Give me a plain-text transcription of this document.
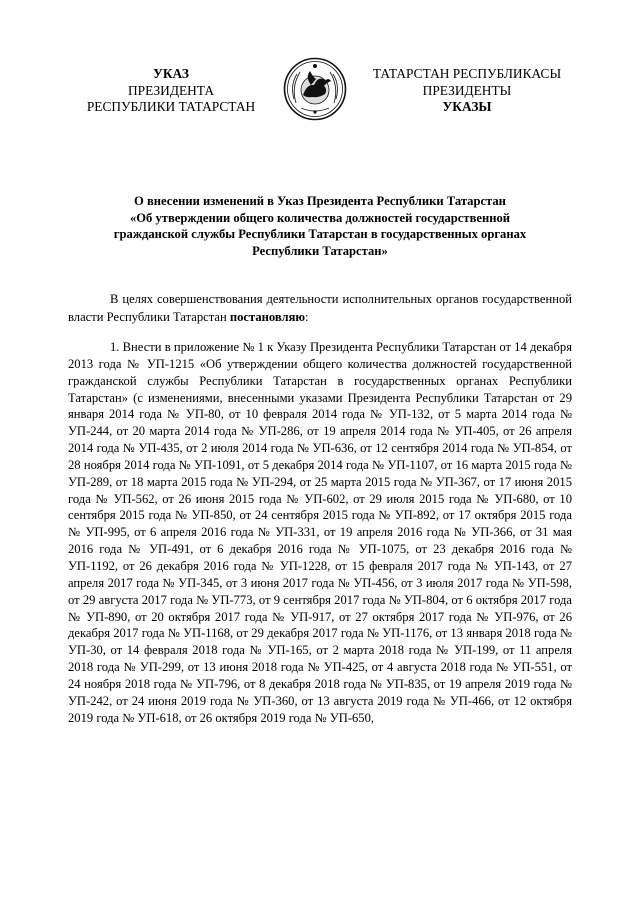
УКАЗ
ПРЕЗИДЕНТА
РЕСПУБЛИКИ ТАТАРСТАН
ТАТАРСТАН РЕСПУБЛИКАСЫ
ПРЕЗИДЕНТЫ
УКАЗЫ
О внесении изменений в Указ Президента Республики Татарстан
«Об утверждении общего количества должностей государственной
гражданской службы Республики Татарстан в государственных органах
Республики Татарстан»
В целях совершенствования деятельности исполнительных органов государственной власти Республики Татарстан постановляю:
1. Внести в приложение № 1 к Указу Президента Республики Татарстан от 14 декабря 2013 года № УП-1215 «Об утверждении общего количества должностей государственной гражданской службы Республики Татарстан в государственных органах Республики Татарстан» (с изменениями, внесенными указами Президента Республики Татарстан от 29 января 2014 года № УП-80, от 10 февраля 2014 года № УП-132, от 5 марта 2014 года № УП-244, от 20 марта 2014 года № УП-286, от 19 апреля 2014 года № УП-405, от 26 апреля 2014 года № УП-435, от 2 июля 2014 года № УП-636, от 12 сентября 2014 года № УП-854, от 28 ноября 2014 года № УП-1091, от 5 декабря 2014 года № УП-1107, от 16 марта 2015 года № УП-289, от 18 марта 2015 года № УП-294, от 25 марта 2015 года № УП-367, от 17 июня 2015 года № УП-562, от 26 июня 2015 года № УП-602, от 29 июля 2015 года № УП-680, от 10 сентября 2015 года № УП-850, от 24 сентября 2015 года № УП-892, от 17 октября 2015 года № УП-995, от 6 апреля 2016 года № УП-331, от 19 апреля 2016 года № УП-366, от 31 мая 2016 года № УП-491, от 6 декабря 2016 года № УП-1075, от 23 декабря 2016 года № УП-1192, от 26 декабря 2016 года № УП-1228, от 15 февраля 2017 года № УП-143, от 27 апреля 2017 года № УП-345, от 3 июня 2017 года № УП-456, от 3 июля 2017 года № УП-598, от 29 августа 2017 года № УП-773, от 9 сентября 2017 года № УП-804, от 6 октября 2017 года № УП-890, от 20 октября 2017 года № УП-917, от 27 октября 2017 года № УП-976, от 26 декабря 2017 года № УП-1168, от 29 декабря 2017 года № УП-1176, от 13 января 2018 года № УП-30, от 14 февраля 2018 года № УП-165, от 2 марта 2018 года № УП-199, от 11 апреля 2018 года № УП-299, от 13 июня 2018 года № УП-425, от 4 августа 2018 года № УП-551, от 24 ноября 2018 года № УП-796, от 8 декабря 2018 года № УП-835, от 19 апреля 2019 года № УП-242, от 24 июня 2019 года № УП-360, от 13 августа 2019 года № УП-466, от 12 октября 2019 года № УП-618, от 26 октября 2019 года № УП-650,
